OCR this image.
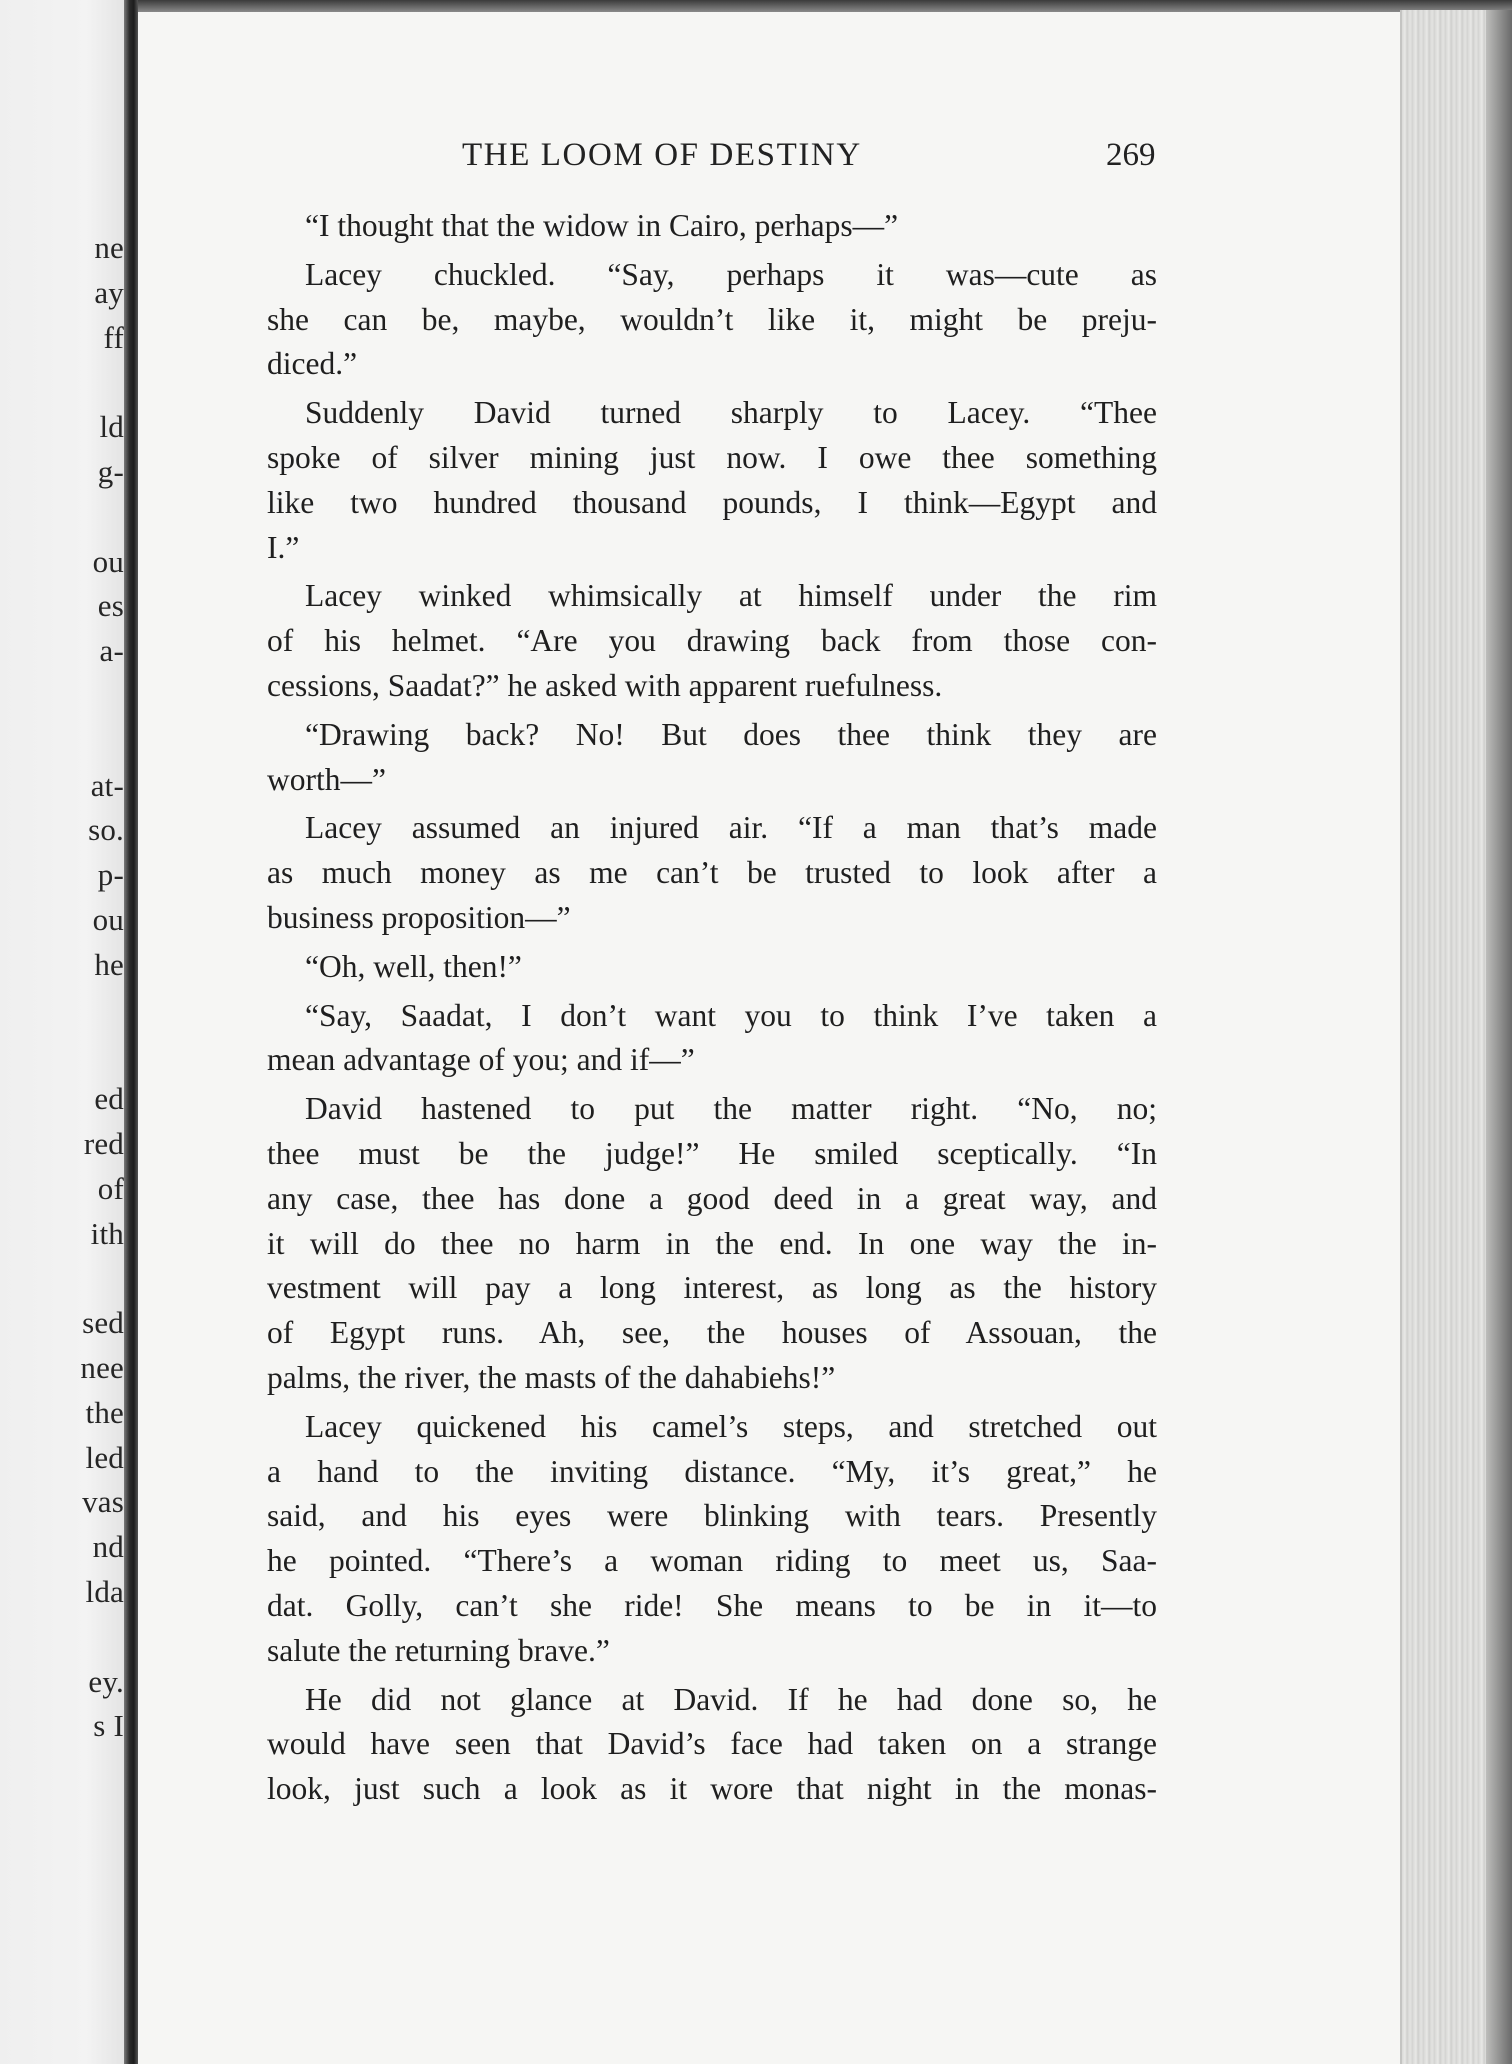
ne
ay
ff
ld
g-
ou
es
a-
at-
so.
p-
ou
he
ed
red
of
ith
sed
nee
the
led
vas
nd
lda
ey.
s I
THE LOOM OF DESTINY	269
“I thought that the widow in Cairo, perhaps—”
Lacey chuckled. “Say, perhaps it was—cute as
she can be, maybe, wouldn’t like it, might be preju-
diced.”
Suddenly David turned sharply to Lacey. “Thee
spoke of silver mining just now. I owe thee something
like two hundred thousand pounds, I think—Egypt and
I.”
Lacey winked whimsically at himself under the rim
of his helmet. “Are you drawing back from those con-
cessions, Saadat?” he asked with apparent ruefulness.
“Drawing back? No! But does thee think they are
worth—”
Lacey assumed an injured air. “If a man that’s made
as much money as me can’t be trusted to look after a
business proposition—”
“Oh, well, then!”
“Say, Saadat, I don’t want you to think I’ve taken a
mean advantage of you; and if—”
David hastened to put the matter right. “No, no;
thee must be the judge!” He smiled sceptically. “In
any case, thee has done a good deed in a great way, and
it will do thee no harm in the end. In one way the in-
vestment will pay a long interest, as long as the history
of Egypt runs. Ah, see, the houses of Assouan, the
palms, the river, the masts of the dahabiehs!”
Lacey quickened his camel’s steps, and stretched out
a hand to the inviting distance. “My, it’s great,” he
said, and his eyes were blinking with tears. Presently
he pointed. “There’s a woman riding to meet us, Saa-
dat. Golly, can’t she ride! She means to be in it—to
salute the returning brave.”
He did not glance at David. If he had done so, he
would have seen that David’s face had taken on a strange
look, just such a look as it wore that night in the monas-
